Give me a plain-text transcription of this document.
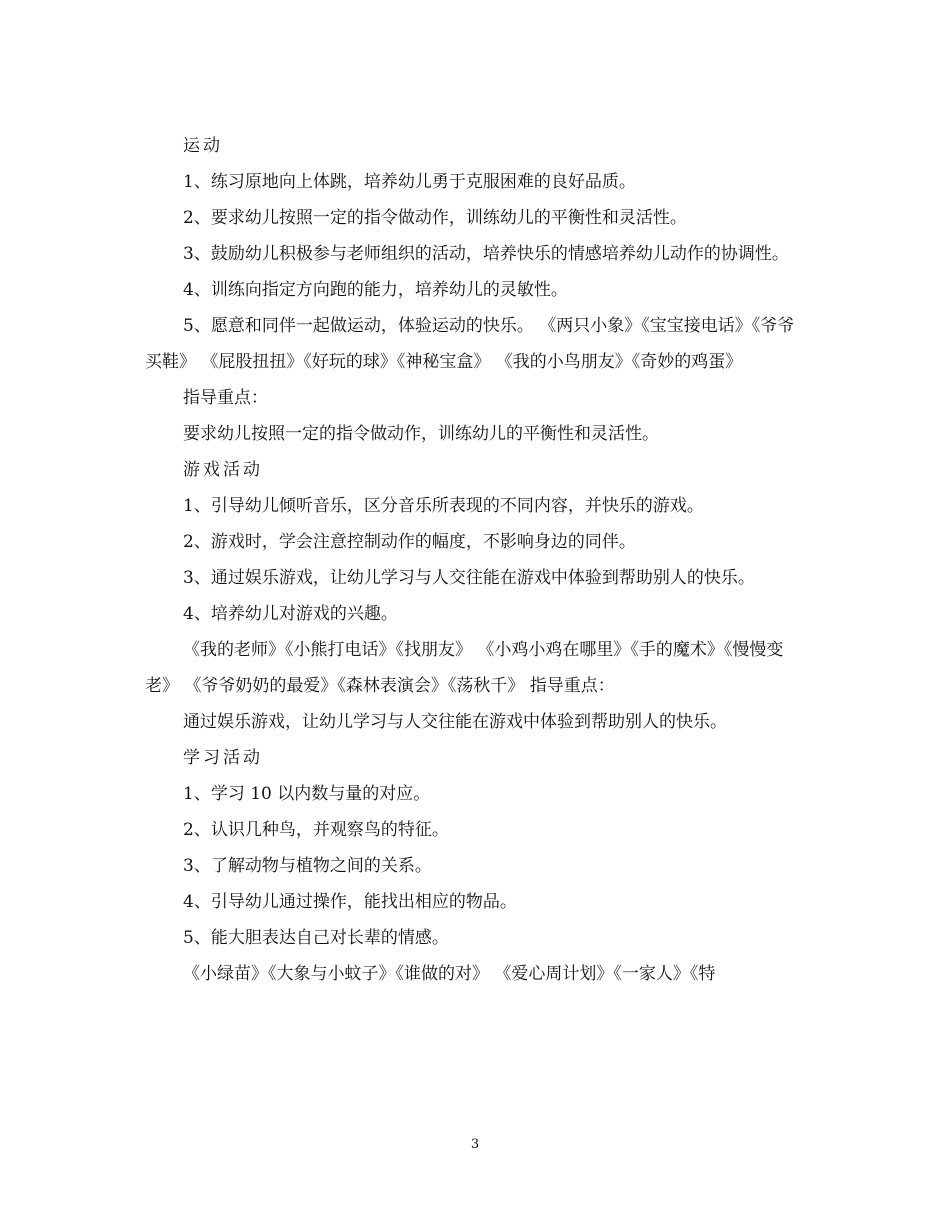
运动

1、练习原地向上体跳，培养幼儿勇于克服困难的良好品质。

2、要求幼儿按照一定的指令做动作，训练幼儿的平衡性和灵活性。

3、鼓励幼儿积极参与老师组织的活动，培养快乐的情感培养幼儿动作的协调性。

4、训练向指定方向跑的能力，培养幼儿的灵敏性。

5、愿意和同伴一起做运动，体验运动的快乐。 《两只小象》《宝宝接电话》《爷爷买鞋》 《屁股扭扭》《好玩的球》《神秘宝盒》 《我的小鸟朋友》《奇妙的鸡蛋》

指导重点：

要求幼儿按照一定的指令做动作，训练幼儿的平衡性和灵活性。

游戏活动

1、引导幼儿倾听音乐，区分音乐所表现的不同内容，并快乐的游戏。

2、游戏时，学会注意控制动作的幅度，不影响身边的同伴。

3、通过娱乐游戏，让幼儿学习与人交往能在游戏中体验到帮助别人的快乐。

4、培养幼儿对游戏的兴趣。

《我的老师》《小熊打电话》《找朋友》 《小鸡小鸡在哪里》《手的魔术》《慢慢变老》 《爷爷奶奶的最爱》《森林表演会》《荡秋千》 指导重点：

通过娱乐游戏，让幼儿学习与人交往能在游戏中体验到帮助别人的快乐。

学习活动

1、学习 10 以内数与量的对应。

2、认识几种鸟，并观察鸟的特征。

3、了解动物与植物之间的关系。

4、引导幼儿通过操作，能找出相应的物品。

5、能大胆表达自己对长辈的情感。

《小绿苗》《大象与小蚊子》《谁做的对》 《爱心周计划》《一家人》《特

3
